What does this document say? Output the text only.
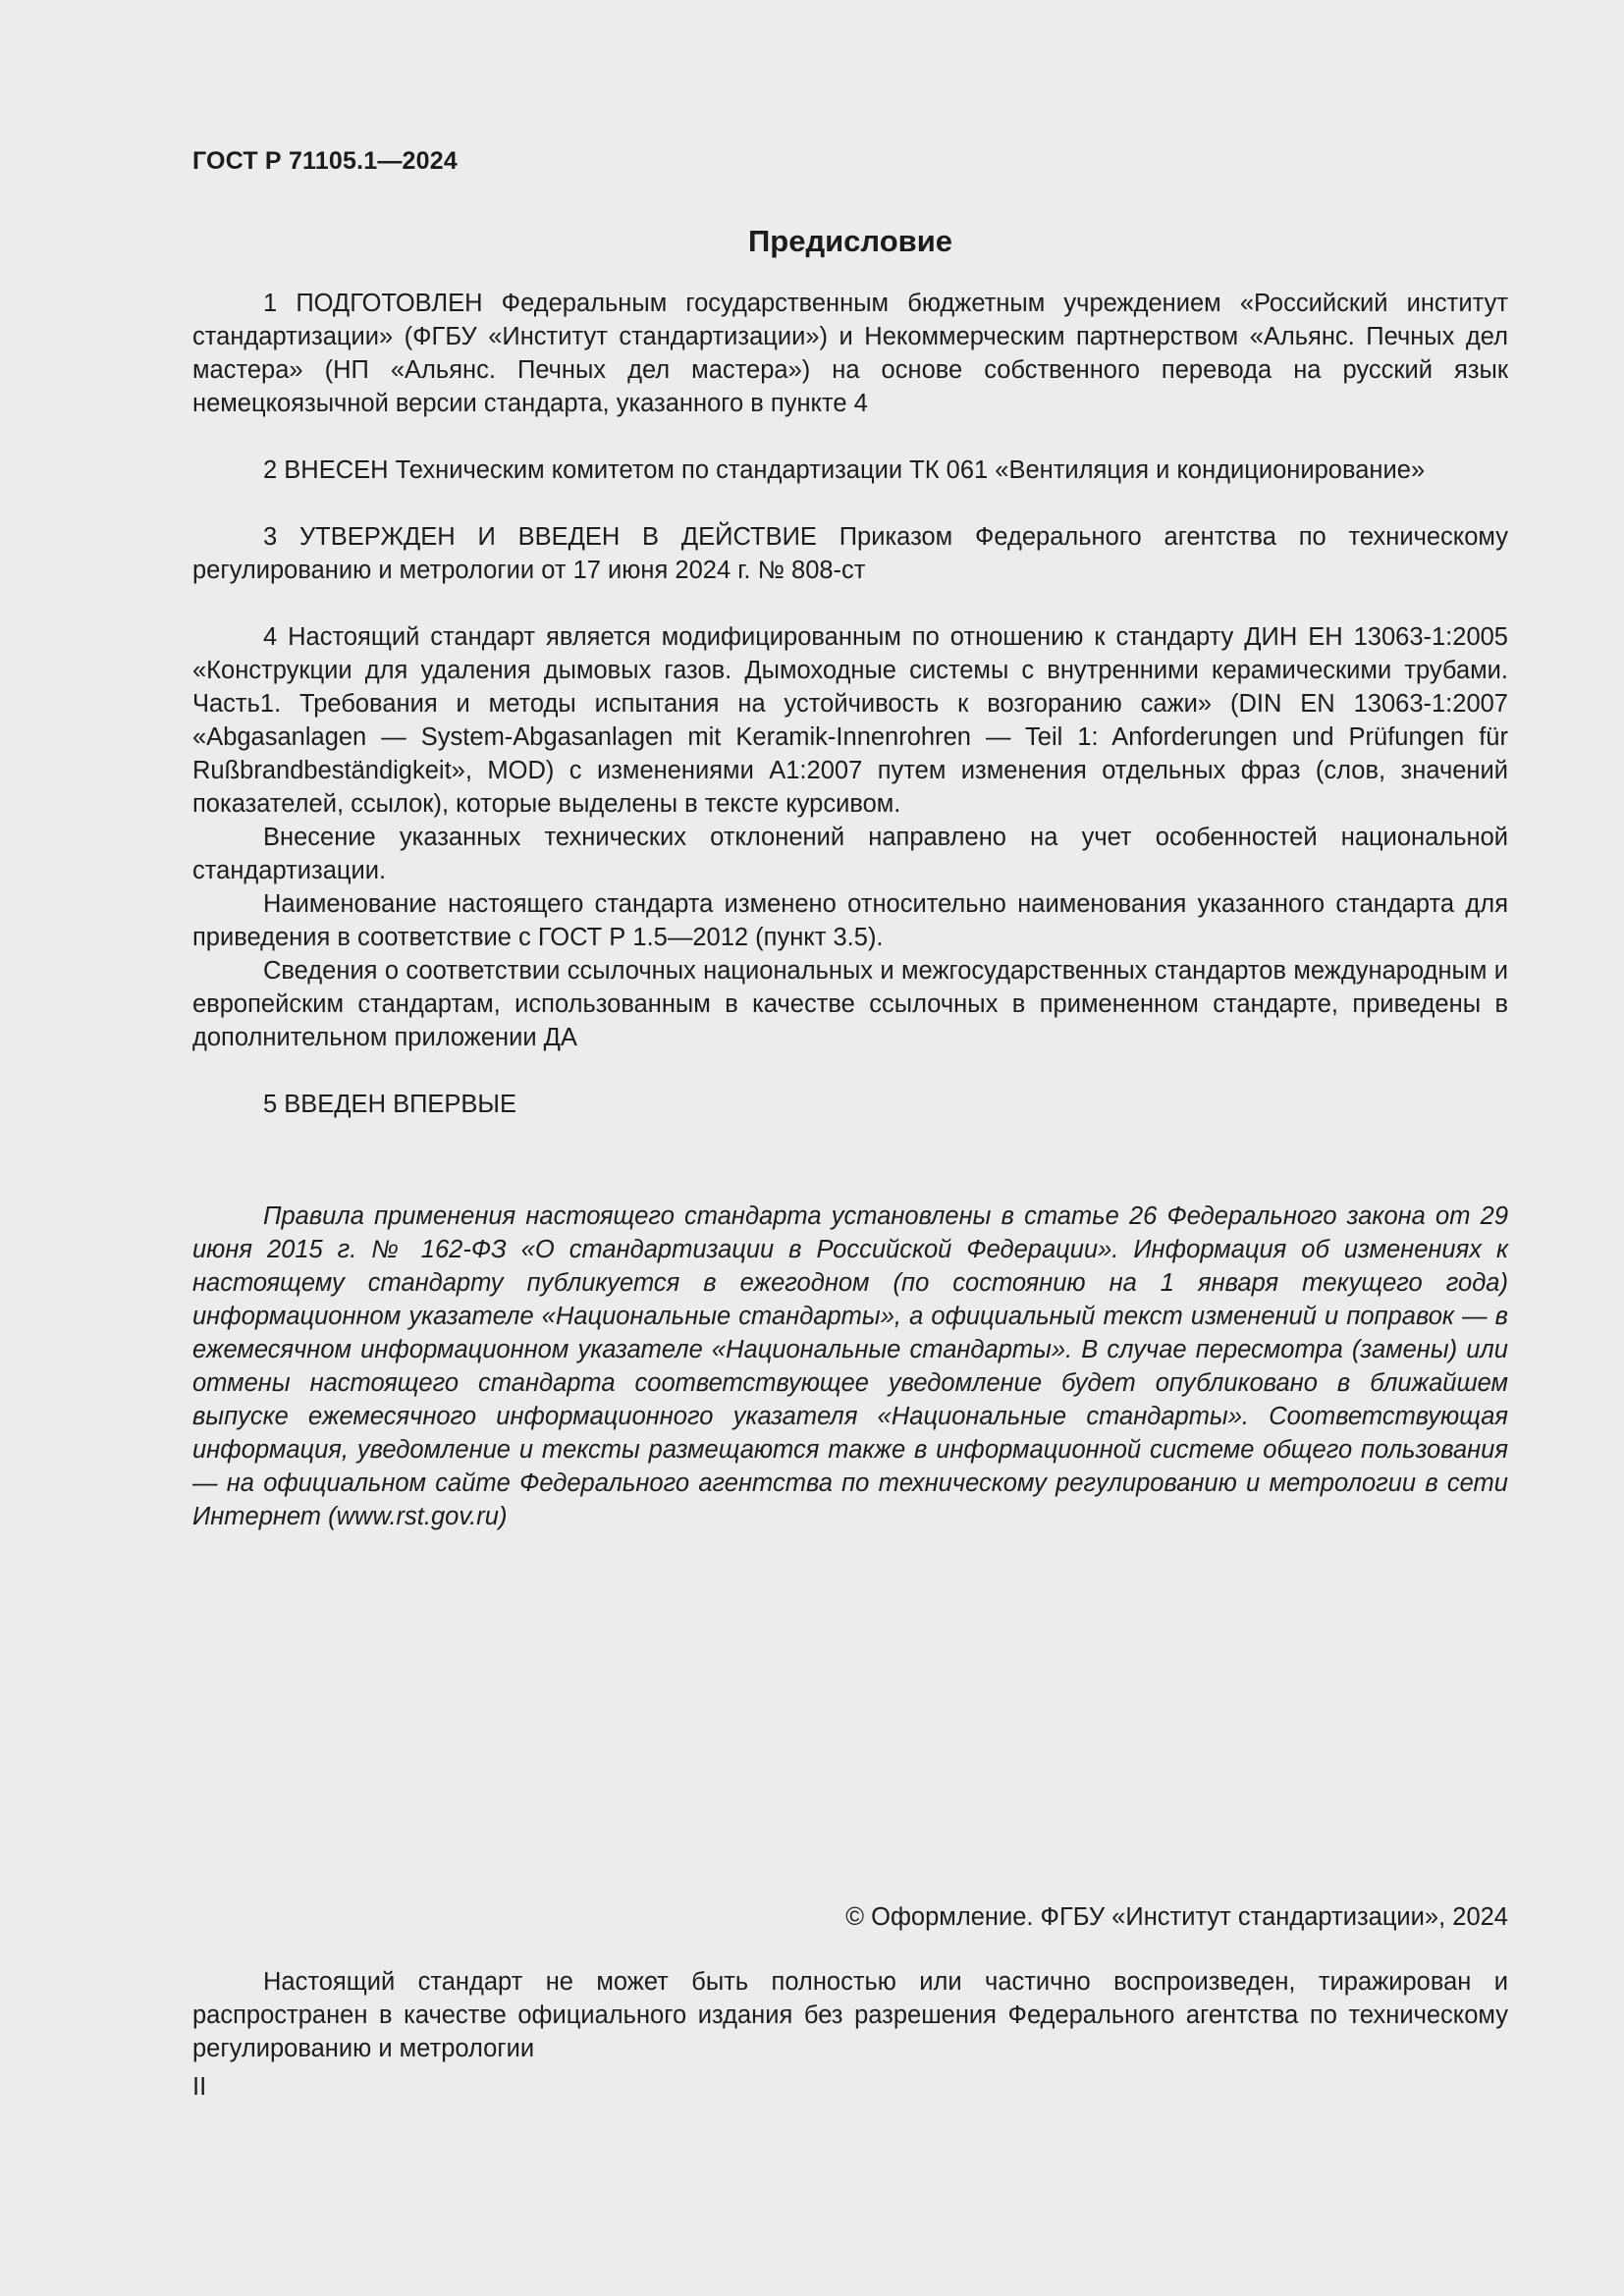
ГОСТ Р 71105.1—2024
Предисловие

1 ПОДГОТОВЛЕН Федеральным государственным бюджетным учреждением «Российский институт стандартизации» (ФГБУ «Институт стандартизации») и Некоммерческим партнерством «Альянс. Печных дел мастера» (НП «Альянс. Печных дел мастера») на основе собственного перевода на русский язык немецкоязычной версии стандарта, указанного в пункте 4

2 ВНЕСЕН Техническим комитетом по стандартизации ТК 061 «Вентиляция и кондиционирование»

3 УТВЕРЖДЕН И ВВЕДЕН В ДЕЙСТВИЕ Приказом Федерального агентства по техническому регулированию и метрологии от 17 июня 2024 г. № 808-ст

4 Настоящий стандарт является модифицированным по отношению к стандарту ДИН ЕН 13063-1:2005 «Конструкции для удаления дымовых газов. Дымоходные системы с внутренними керамическими трубами. Часть1. Требования и методы испытания на устойчивость к возгоранию сажи» (DIN EN 13063-1:2007 «Abgasanlagen — System-Abgasanlagen mit Keramik-Innenrohren — Teil 1: Anforderungen und Prüfungen für Rußbrandbeständigkeit», MOD) с изменениями А1:2007 путем изменения отдельных фраз (слов, значений показателей, ссылок), которые выделены в тексте курсивом.

Внесение указанных технических отклонений направлено на учет особенностей национальной стандартизации.

Наименование настоящего стандарта изменено относительно наименования указанного стандарта для приведения в соответствие с ГОСТ Р 1.5—2012 (пункт 3.5).

Сведения о соответствии ссылочных национальных и межгосударственных стандартов международным и европейским стандартам, использованным в качестве ссылочных в примененном стандарте, приведены в дополнительном приложении ДА

5 ВВЕДЕН ВПЕРВЫЕ

Правила применения настоящего стандарта установлены в статье 26 Федерального закона от 29 июня 2015 г. № 162-ФЗ «О стандартизации в Российской Федерации». Информация об изменениях к настоящему стандарту публикуется в ежегодном (по состоянию на 1 января текущего года) информационном указателе «Национальные стандарты», а официальный текст изменений и поправок — в ежемесячном информационном указателе «Национальные стандарты». В случае пересмотра (замены) или отмены настоящего стандарта соответствующее уведомление будет опубликовано в ближайшем выпуске ежемесячного информационного указателя «Национальные стандарты». Соответствующая информация, уведомление и тексты размещаются также в информационной системе общего пользования — на официальном сайте Федерального агентства по техническому регулированию и метрологии в сети Интернет (www.rst.gov.ru)

© Оформление. ФГБУ «Институт стандартизации», 2024

Настоящий стандарт не может быть полностью или частично воспроизведен, тиражирован и распространен в качестве официального издания без разрешения Федерального агентства по техническому регулированию и метрологии

II
